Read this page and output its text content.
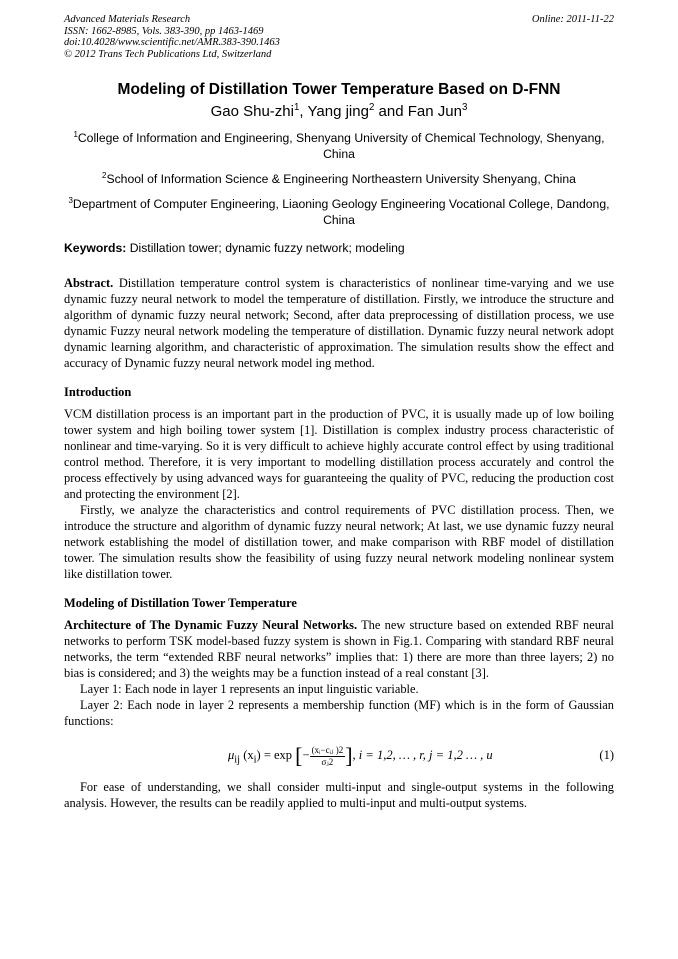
Advanced Materials Research
ISSN: 1662-8985, Vols. 383-390, pp 1463-1469
doi:10.4028/www.scientific.net/AMR.383-390.1463
© 2012 Trans Tech Publications Ltd, Switzerland
Online: 2011-11-22
Modeling of Distillation Tower Temperature Based on D-FNN
Gao Shu-zhi$^1$, Yang jing$^2$ and Fan Jun$^3$
$^1$College of Information and Engineering, Shenyang University of Chemical Technology, Shenyang, China
$^2$School of Information Science & Engineering Northeastern University Shenyang, China
$^3$Department of Computer Engineering, Liaoning Geology Engineering Vocational College, Dandong, China
Keywords: Distillation tower; dynamic fuzzy network; modeling

Abstract. Distillation temperature control system is characteristics of nonlinear time-varying and we use dynamic fuzzy neural network to model the temperature of distillation. Firstly, we introduce the structure and algorithm of dynamic fuzzy neural network; Second, after data preprocessing of distillation process, we use dynamic Fuzzy neural network modeling the temperature of distillation. Dynamic fuzzy neural network adopt dynamic learning algorithm, and characteristic of approximation. The simulation results show the effect and accuracy of Dynamic fuzzy neural network model ing method.

Introduction

VCM distillation process is an important part in the production of PVC, it is usually made up of low boiling tower system and high boiling tower system [1]. Distillation is complex industry process characteristic of nonlinear and time-varying. So it is very difficult to achieve highly accurate control effect by using traditional control method. Therefore, it is very important to modelling distillation process accurately and control the process effectively by using advanced ways for guaranteeing the quality of PVC, reducing the production cost and protecting the environment [2].

Firstly, we analyze the characteristics and control requirements of PVC distillation process. Then, we introduce the structure and algorithm of dynamic fuzzy neural network; At last, we use dynamic fuzzy neural network establishing the model of distillation tower, and make comparison with RBF model of distillation tower. The simulation results show the feasibility of using fuzzy neural network modeling nonlinear system like distillation tower.

Modeling of Distillation Tower Temperature

Architecture of The Dynamic Fuzzy Neural Networks. The new structure based on extended RBF neural networks to perform TSK model-based fuzzy system is shown in Fig.1. Comparing with standard RBF neural networks, the term “extended RBF neural networks” implies that: 1) there are more than three layers; 2) no bias is considered; and 3) the weights may be a function instead of a real constant [3].

Layer 1: Each node in layer 1 represents an input linguistic variable.

Layer 2: Each node in layer 2 represents a membership function (MF) which is in the form of Gaussian functions:

$\mu_{ij}$ $(x_i) = \exp$ [− $\frac{\text{(xᵢ−cᵢⱼ )2}}{\text{σⱼ2}}$ ], i = 1,2, … , r, j = 1,2 … , u	(1)

For ease of understanding, we shall consider multi-input and single-output systems in the following analysis. However, the results can be readily applied to multi-input and multi-output systems.
